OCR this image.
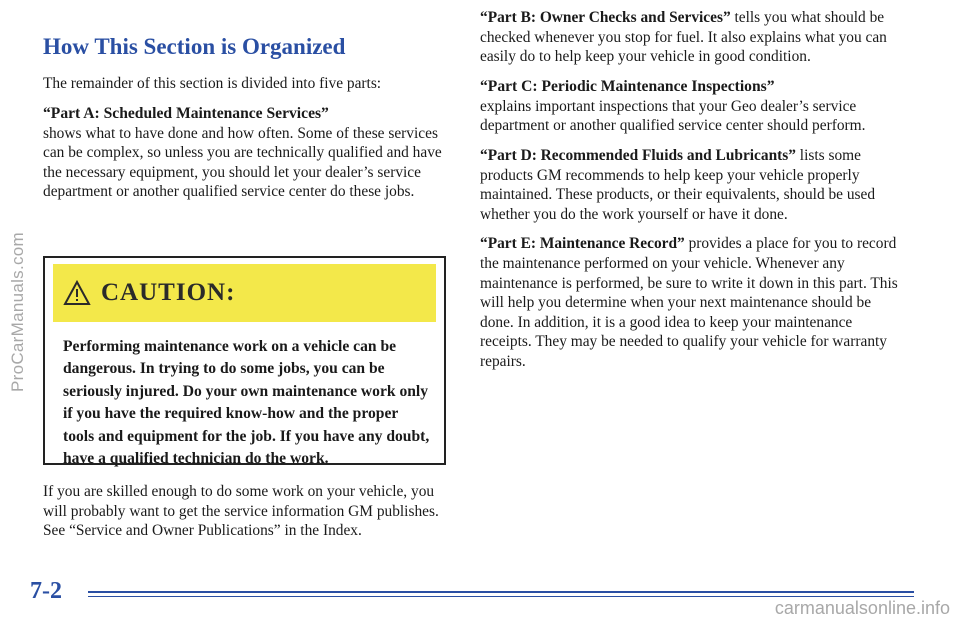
ProCarManuals.com
How This Section is Organized

The remainder of this section is divided into five parts:

“Part A: Scheduled Maintenance Services”

shows what to have done and how often. Some of these services can be complex, so unless you are technically qualified and have the necessary equipment, you should let your dealer’s service department or another qualified service center do these jobs.

CAUTION:

Performing maintenance work on a vehicle can be dangerous. In trying to do some jobs, you can be seriously injured. Do your own maintenance work only if you have the required know-how and the proper tools and equipment for the job. If you have any doubt, have a qualified technician do the work.

If you are skilled enough to do some work on your vehicle, you will probably want to get the service information GM publishes. See “Service and Owner Publications” in the Index.

“Part B: Owner Checks and Services” tells you what should be checked whenever you stop for fuel. It also explains what you can easily do to help keep your vehicle in good condition.

“Part C: Periodic Maintenance Inspections”

explains important inspections that your Geo dealer’s service department or another qualified service center should perform.

“Part D: Recommended Fluids and Lubricants” lists some products GM recommends to help keep your vehicle properly maintained. These products, or their equivalents, should be used whether you do the work yourself or have it done.

“Part E: Maintenance Record” provides a place for you to record the maintenance performed on your vehicle. Whenever any maintenance is performed, be sure to write it down in this part. This will help you determine when your next maintenance should be done. In addition, it is a good idea to keep your maintenance receipts. They may be needed to qualify your vehicle for warranty repairs.

7-2
carmanualsonline.info
